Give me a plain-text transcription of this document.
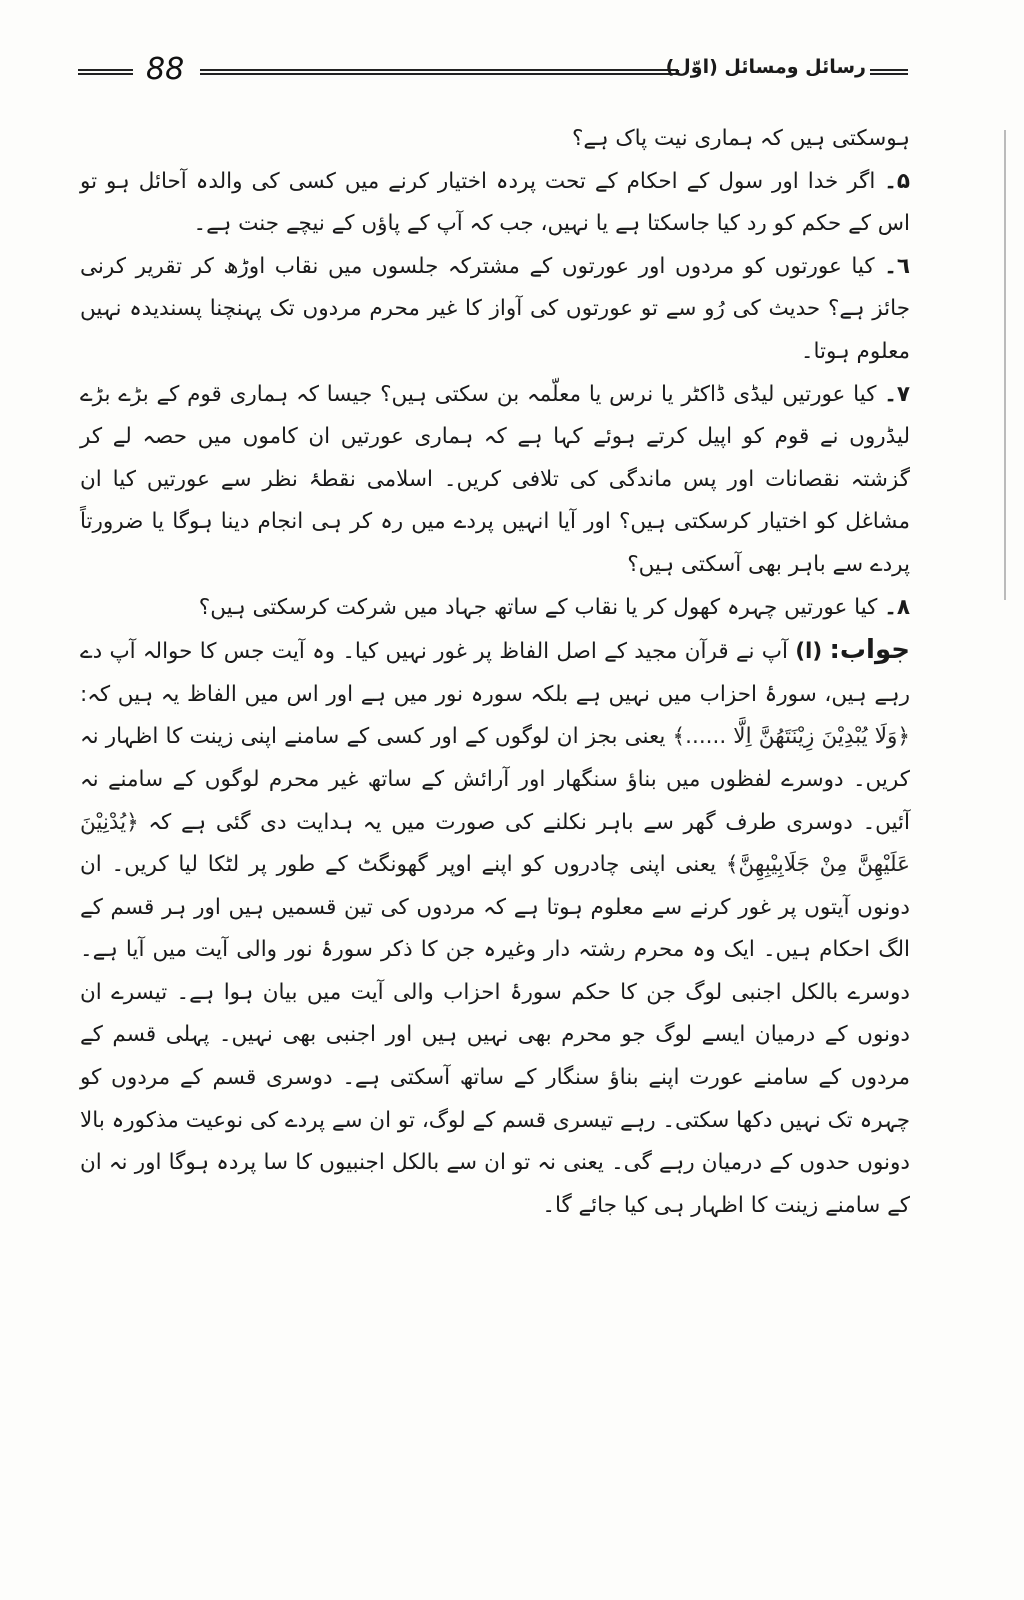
88	رسائل ومسائل (اوّل)

ہوسکتی ہیں کہ ہماری نیت پاک ہے؟

۵۔ اگر خدا اور سول کے احکام کے تحت پردہ اختیار کرنے میں کسی کی والدہ آحائل ہو تو اس کے حکم کو رد کیا جاسکتا ہے یا نہیں، جب کہ آپ کے پاؤں کے نیچے جنت ہے۔

٦۔ کیا عورتوں کو مردوں اور عورتوں کے مشترکہ جلسوں میں نقاب اوڑھ کر تقریر کرنی جائز ہے؟ حدیث کی رُو سے تو عورتوں کی آواز کا غیر محرم مردوں تک پہنچنا پسندیدہ نہیں معلوم ہوتا۔

۷۔ کیا عورتیں لیڈی ڈاکٹر یا نرس یا معلّمہ بن سکتی ہیں؟ جیسا کہ ہماری قوم کے بڑے بڑے لیڈروں نے قوم کو اپیل کرتے ہوئے کہا ہے کہ ہماری عورتیں ان کاموں میں حصہ لے کر گزشتہ نقصانات اور پس ماندگی کی تلافی کریں۔ اسلامی نقطۂ نظر سے عورتیں کیا ان مشاغل کو اختیار کرسکتی ہیں؟ اور آیا انہیں پردے میں رہ کر ہی انجام دینا ہوگا یا ضرورتاً پردے سے باہر بھی آسکتی ہیں؟

۸۔ کیا عورتیں چہرہ کھول کر یا نقاب کے ساتھ جہاد میں شرکت کرسکتی ہیں؟

جواب: (ا) آپ نے قرآن مجید کے اصل الفاظ پر غور نہیں کیا۔ وہ آیت جس کا حوالہ آپ دے رہے ہیں، سورۂ احزاب میں نہیں ہے بلکہ سورہ نور میں ہے اور اس میں الفاظ یہ ہیں کہ: ﴿وَلَا یُبْدِیْنَ زِیْنَتَھُنَّ اِلَّا ......﴾ یعنی بجز ان لوگوں کے اور کسی کے سامنے اپنی زینت کا اظہار نہ کریں۔ دوسرے لفظوں میں بناؤ سنگھار اور آرائش کے ساتھ غیر محرم لوگوں کے سامنے نہ آئیں۔ دوسری طرف گھر سے باہر نکلنے کی صورت میں یہ ہدایت دی گئی ہے کہ ﴿یُدْنِیْنَ عَلَیْھِنَّ مِنْ جَلَابِیْبِھِنَّ﴾ یعنی اپنی چادروں کو اپنے اوپر گھونگٹ کے طور پر لٹکا لیا کریں۔ ان دونوں آیتوں پر غور کرنے سے معلوم ہوتا ہے کہ مردوں کی تین قسمیں ہیں اور ہر قسم کے الگ احکام ہیں۔ ایک وہ محرم رشتہ دار وغیرہ جن کا ذکر سورۂ نور والی آیت میں آیا ہے۔ دوسرے بالکل اجنبی لوگ جن کا حکم سورۂ احزاب والی آیت میں بیان ہوا ہے۔ تیسرے ان دونوں کے درمیان ایسے لوگ جو محرم بھی نہیں ہیں اور اجنبی بھی نہیں۔ پہلی قسم کے مردوں کے سامنے عورت اپنے بناؤ سنگار کے ساتھ آسکتی ہے۔ دوسری قسم کے مردوں کو چہرہ تک نہیں دکھا سکتی۔ رہے تیسری قسم کے لوگ، تو ان سے پردے کی نوعیت مذکورہ بالا دونوں حدوں کے درمیان رہے گی۔ یعنی نہ تو ان سے بالکل اجنبیوں کا سا پردہ ہوگا اور نہ ان کے سامنے زینت کا اظہار ہی کیا جائے گا۔
